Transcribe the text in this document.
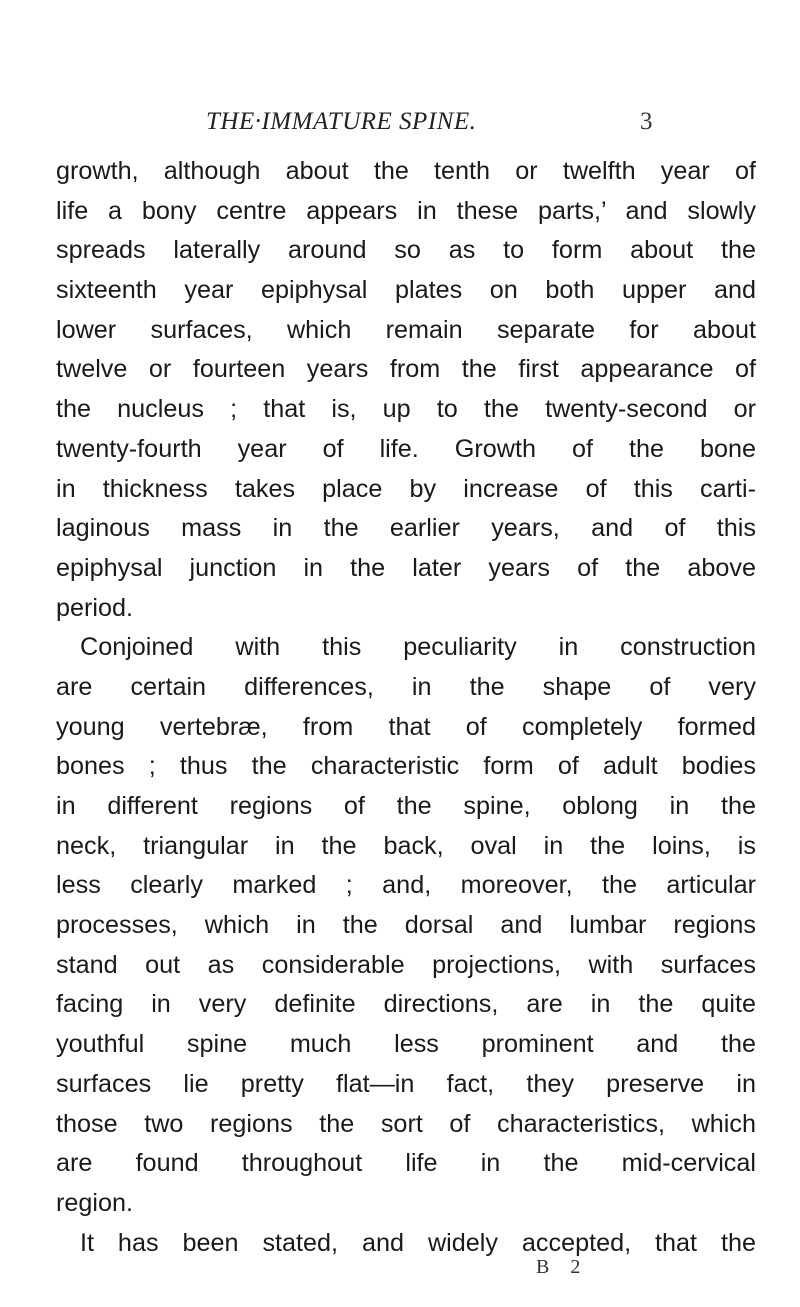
THE·IMMATURE SPINE.	3
growth, although about the tenth or twelfth year of
life a bony centre appears in these parts,’ and slowly
spreads laterally around so as to form about the
sixteenth year epiphysal plates on both upper and
lower surfaces, which remain separate for about
twelve or fourteen years from the first appearance of
the nucleus ; that is, up to the twenty-second or
twenty-fourth year of life. Growth of the bone
in thickness takes place by increase of this carti-
laginous mass in the earlier years, and of this
epiphysal junction in the later years of the above
period.
Conjoined with this peculiarity in construction
are certain differences, in the shape of very
young vertebræ, from that of completely formed
bones ; thus the characteristic form of adult bodies
in different regions of the spine, oblong in the
neck, triangular in the back, oval in the loins, is
less clearly marked ; and, moreover, the articular
processes, which in the dorsal and lumbar regions
stand out as considerable projections, with surfaces
facing in very definite directions, are in the quite
youthful spine much less prominent and the
surfaces lie pretty flat—in fact, they preserve in
those two regions the sort of characteristics, which
are found throughout life in the mid-cervical
region.
It has been stated, and widely accepted, that the
B 2
